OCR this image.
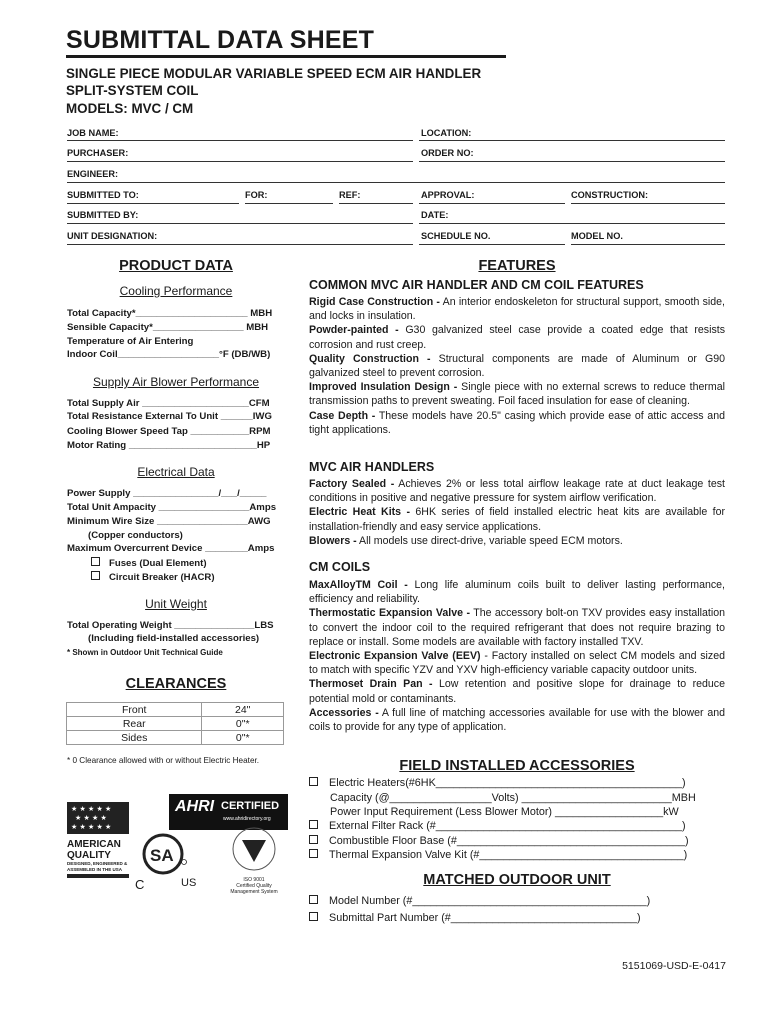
SUBMITTAL DATA SHEET
SINGLE PIECE MODULAR VARIABLE SPEED ECM AIR HANDLER
SPLIT-SYSTEM COIL
MODELS: MVC / CM
JOB NAME:	LOCATION:
PURCHASER:	ORDER NO:
ENGINEER:
SUBMITTED TO:	FOR:	REF:	APPROVAL:	CONSTRUCTION:
SUBMITTED BY:	DATE:
UNIT DESIGNATION:	SCHEDULE NO.	MODEL NO.
PRODUCT DATA
Cooling Performance
Total Capacity*_____________________ MBH
Sensible Capacity*_________________ MBH
Temperature of Air Entering
Indoor Coil___________________°F (DB/WB)
Supply Air Blower Performance
Total Supply Air ____________________CFM
Total Resistance External To Unit ______IWG
Cooling Blower Speed Tap ___________RPM
Motor Rating ________________________HP
Electrical Data
Power Supply ________________/___/_____
Total Unit Ampacity _________________Amps
Minimum Wire Size _________________AWG
(Copper conductors)
Maximum Overcurrent Device ________Amps
Fuses (Dual Element)
Circuit Breaker (HACR)
Unit Weight
Total Operating Weight _______________LBS
(Including field-installed accessories)
* Shown in Outdoor Unit Technical Guide
CLEARANCES
Front	24"
Rear	0"*
Sides	0"*
* 0 Clearance allowed with or without Electric Heater.
★ ★ ★ ★ ★
★ ★ ★ ★
★ ★ ★ ★ ★
AMERICAN
QUALITY
DESIGNED, ENGINEERED &
ASSEMBLED IN THE USA
AHRI CERTIFIED
www.ahridirectory.org
SA
C	US	ISO 9001
Certified Quality
Management System
FEATURES
COMMON MVC AIR HANDLER AND CM COIL FEATURES
Rigid Case Construction - An interior endoskeleton for structural support, smooth side, and locks in insulation.
Powder-painted - G30 galvanized steel case provide a coated edge that resists corrosion and rust creep.
Quality Construction - Structural components are made of Aluminum or G90 galvanized steel to prevent corrosion.
Improved Insulation Design - Single piece with no external screws to reduce thermal transmission paths to prevent sweating. Foil faced insulation for ease of cleaning.
Case Depth - These models have 20.5" casing which provide ease of attic access and tight applications.
MVC AIR HANDLERS
Factory Sealed - Achieves 2% or less total airflow leakage rate at duct leakage test conditions in positive and negative pressure for system airflow verification.
Electric Heat Kits - 6HK series of field installed electric heat kits are available for installation-friendly and easy service applications.
Blowers - All models use direct-drive, variable speed ECM motors.
CM COILS
MaxAlloyTM Coil - Long life aluminum coils built to deliver lasting performance, efficiency and reliability.
Thermostatic Expansion Valve - The accessory bolt-on TXV provides easy installation to convert the indoor coil to the required refrigerant that does not require brazing to replace or install. Some models are available with factory installed TXV.
Electronic Expansion Valve (EEV) - Factory installed on select CM models and sized to match with specific YZV and YXV high-efficiency variable capacity outdoor units.
Thermoset Drain Pan - Low retention and positive slope for drainage to reduce potential mold or contaminants.
Accessories - A full line of matching accessories available for use with the blower and coils to provide for any type of application.
FIELD INSTALLED ACCESSORIES
Electric Heaters(#6HK_________________________________________)
Capacity (@_________________Volts) _________________________MBH
Power Input Requirement (Less Blower Motor) __________________kW
External Filter Rack (#_________________________________________)
Combustible Floor Base (#______________________________________)
Thermal Expansion Valve Kit (#__________________________________)
MATCHED OUTDOOR UNIT
Model Number (#_______________________________________)
Submittal Part Number (#_______________________________)
5151069-USD-E-0417
